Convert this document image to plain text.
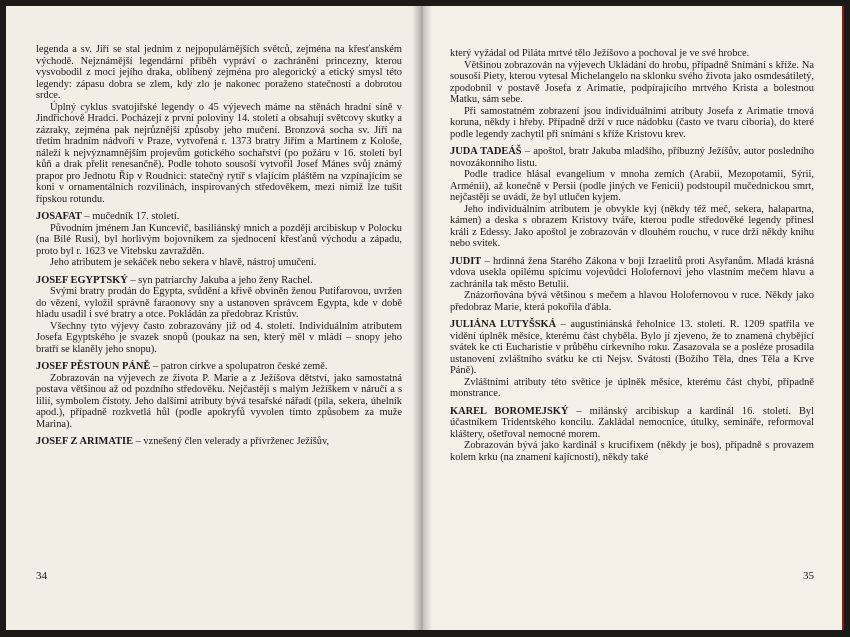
legenda a sv. Jiří se stal jedním z nejpopulárnějších světců, zejména na křesťanském východě. Nejznámější legendární příběh vypráví o zachránění princezny, kterou vysvobodil z moci jejího draka, oblíbený zejména pro alegorický a etický smysl této legendy: zápasu dobra se zlem, kdy zlo je nakonec poraženo statečností a dobrotou srdce.

Úplný cyklus svatojiřské legendy o 45 výjevech máme na stěnách hradní síně v Jindřichově Hradci. Pocházejí z první poloviny 14. století a obsahují světcovy skutky a zázraky, zejména pak nejrůznější způsoby jeho mučení. Bronzová socha sv. Jiří na třetím hradním nádvoří v Praze, vytvořená r. 1373 bratry Jiřím a Martinem z Kološe, náleží k nejvýznamnějším projevům gotického sochařství (po požáru v 16. století byl kůň a drak přelit renesančně). Podle tohoto sousoší vytvořil Josef Mánes svůj známý prapor pro Jednotu Říp v Roudnici: statečný rytíř s vlajícím pláštěm na vzpínajícím se koni v ornamentálních rozvilinách, inspirovaných středověkem, mezi nimiž lze tušit řípskou rotundu.

JOSAFAT – mučedník 17. století.

Původním jménem Jan Kuncevič, basiliánský mnich a později arcibiskup v Polocku (na Bílé Rusi), byl horlivým bojovníkem za sjednocení křesťanů východu a západu, proto byl r. 1623 ve Vitebsku zavražděn.

Jeho atributem je sekáček nebo sekera v hlavě, nástroj umučení.

JOSEF EGYPTSKÝ – syn patriarchy Jakuba a jeho ženy Rachel.

Svými bratry prodán do Egypta, svůdění a křivě obviněn ženou Putifarovou, uvržen do vězení, vyložil správně faraonovy sny a ustanoven správcem Egypta, kde v době hladu usadil i své bratry a otce. Pokládán za předobraz Kristův.

Všechny tyto výjevy často zobrazovány již od 4. století. Individuálním atributem Josefa Egyptského je svazek snopů (poukaz na sen, který měl v mládí – snopy jeho bratří se klaněly jeho snopu).

JOSEF PĚSTOUN PÁNĚ – patron církve a spolupatron české země.

Zobrazován na výjevech ze života P. Marie a z Ježíšova dětství, jako samostatná postava většinou až od pozdního středověku. Nejčastěji s malým Ježíškem v náručí a s lilií, symbolem čistoty. Jeho dalšími atributy bývá tesařské nářadí (pila, sekera, úhelník apod.), případně rozkvetlá hůl (podle apokryfů vyvolen tímto způsobem za muže Marina).

JOSEF Z ARIMATIE – vznešený člen velerady a přívrženec Ježíšův,

34

který vyžádal od Piláta mrtvé tělo Ježíšovo a pochoval je ve své hrobce.

Většinou zobrazován na výjevech Ukládání do hrobu, případně Snímání s kříže. Na sousoší Piety, kterou vytesal Michelangelo na sklonku svého života jako osmdesátiletý, zpodobnil v postavě Josefa z Arimatie, podpírajícího mrtvého Krista a bolestnou Matku, sám sebe.

Při samostatném zobrazení jsou individuálními atributy Josefa z Arimatie trnová koruna, někdy i hřeby. Případně drží v ruce nádobku (často ve tvaru ciboria), do které podle legendy zachytil při snímání s kříže Kristovu krev.

JUDA TADEÁŠ – apoštol, bratr Jakuba mladšího, příbuzný Ježíšův, autor posledního novozákonního listu.

Podle tradice hlásal evangelium v mnoha zemích (Arabii, Mezopotamii, Sýrii, Arménii), až konečně v Persii (podle jiných ve Fenicii) podstoupil mučednickou smrt, nejčastěji se uvádí, že byl utlučen kyjem.

Jeho individuálním atributem je obvykle kyj (někdy též meč, sekera, halapartna, kámen) a deska s obrazem Kristovy tváře, kterou podle středověké legendy přinesl králi z Edessy. Jako apoštol je zobrazován v dlouhém rouchu, v ruce drží někdy knihu nebo svitek.

JUDIT – hrdinná žena Starého Zákona v boji Izraelitů proti Asyřanům. Mladá krásná vdova usekla opilému spícímu vojevůdci Holofernovi jeho vlastním mečem hlavu a zachránila tak město Betulii.

Znázorňována bývá většinou s mečem a hlavou Holofernovou v ruce. Někdy jako předobraz Marie, která pokořila ďábla.

JULIÁNA LUTYŠSKÁ – augustiniánská řeholnice 13. století. R. 1209 spatřila ve vidění úplněk měsíce, kterému část chyběla. Bylo jí zjeveno, že to znamená chybějící svátek ke cti Eucharistie v průběhu církevního roku. Zasazovala se a posléze prosadila ustanovení zvláštního svátku ke cti Nejsv. Svátosti (Božího Těla, dnes Těla a Krve Páně).

Zvláštními atributy této světice je úplněk měsíce, kterému část chybí, případně monstrance.

KAREL BOROMEJSKÝ – milánský arcibiskup a kardinál 16. století. Byl účastníkem Tridentského koncilu. Zakládal nemocnice, útulky, semináře, reformoval kláštery, ošetřoval nemocné morem.

Zobrazován bývá jako kardinál s krucifixem (někdy je bos), případně s provazem kolem krku (na znamení kajícnosti), někdy také

35
